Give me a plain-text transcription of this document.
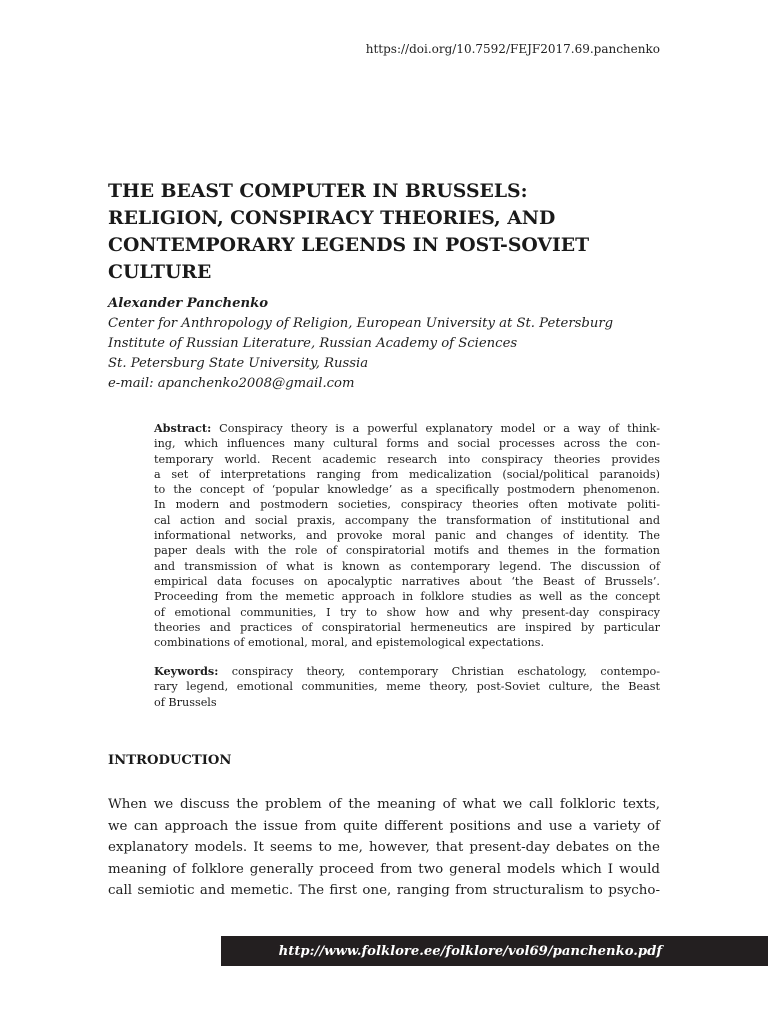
https://doi.org/10.7592/FEJF2017.69.panchenko
THE BEAST COMPUTER IN BRUSSELS:
RELIGION, CONSPIRACY THEORIES, AND
CONTEMPORARY LEGENDS IN POST-SOVIET
CULTURE
Alexander Panchenko
Center for Anthropology of Religion, European University at St. Petersburg
Institute of Russian Literature, Russian Academy of Sciences
St. Petersburg State University, Russia
e-mail: apanchenko2008@gmail.com
Abstract: Conspiracy theory is a powerful explanatory model or a way of think-
ing, which influences many cultural forms and social processes across the con-
temporary world. Recent academic research into conspiracy theories provides
a set of interpretations ranging from medicalization (social/political paranoids)
to the concept of ‘popular knowledge’ as a specifically postmodern phenomenon.
In modern and postmodern societies, conspiracy theories often motivate politi-
cal action and social praxis, accompany the transformation of institutional and
informational networks, and provoke moral panic and changes of identity. The
paper deals with the role of conspiratorial motifs and themes in the formation
and transmission of what is known as contemporary legend. The discussion of
empirical data focuses on apocalyptic narratives about ‘the Beast of Brussels’.
Proceeding from the memetic approach in folklore studies as well as the concept
of emotional communities, I try to show how and why present-day conspiracy
theories and practices of conspiratorial hermeneutics are inspired by particular
combinations of emotional, moral, and epistemological expectations.
Keywords: conspiracy theory, contemporary Christian eschatology, contempo-
rary legend, emotional communities, meme theory, post-Soviet culture, the Beast
of Brussels
INTRODUCTION
When we discuss the problem of the meaning of what we call folkloric texts,
we can approach the issue from quite different positions and use a variety of
explanatory models. It seems to me, however, that present-day debates on the
meaning of folklore generally proceed from two general models which I would
call semiotic and memetic. The first one, ranging from structuralism to psycho-
http://www.folklore.ee/folklore/vol69/panchenko.pdf
